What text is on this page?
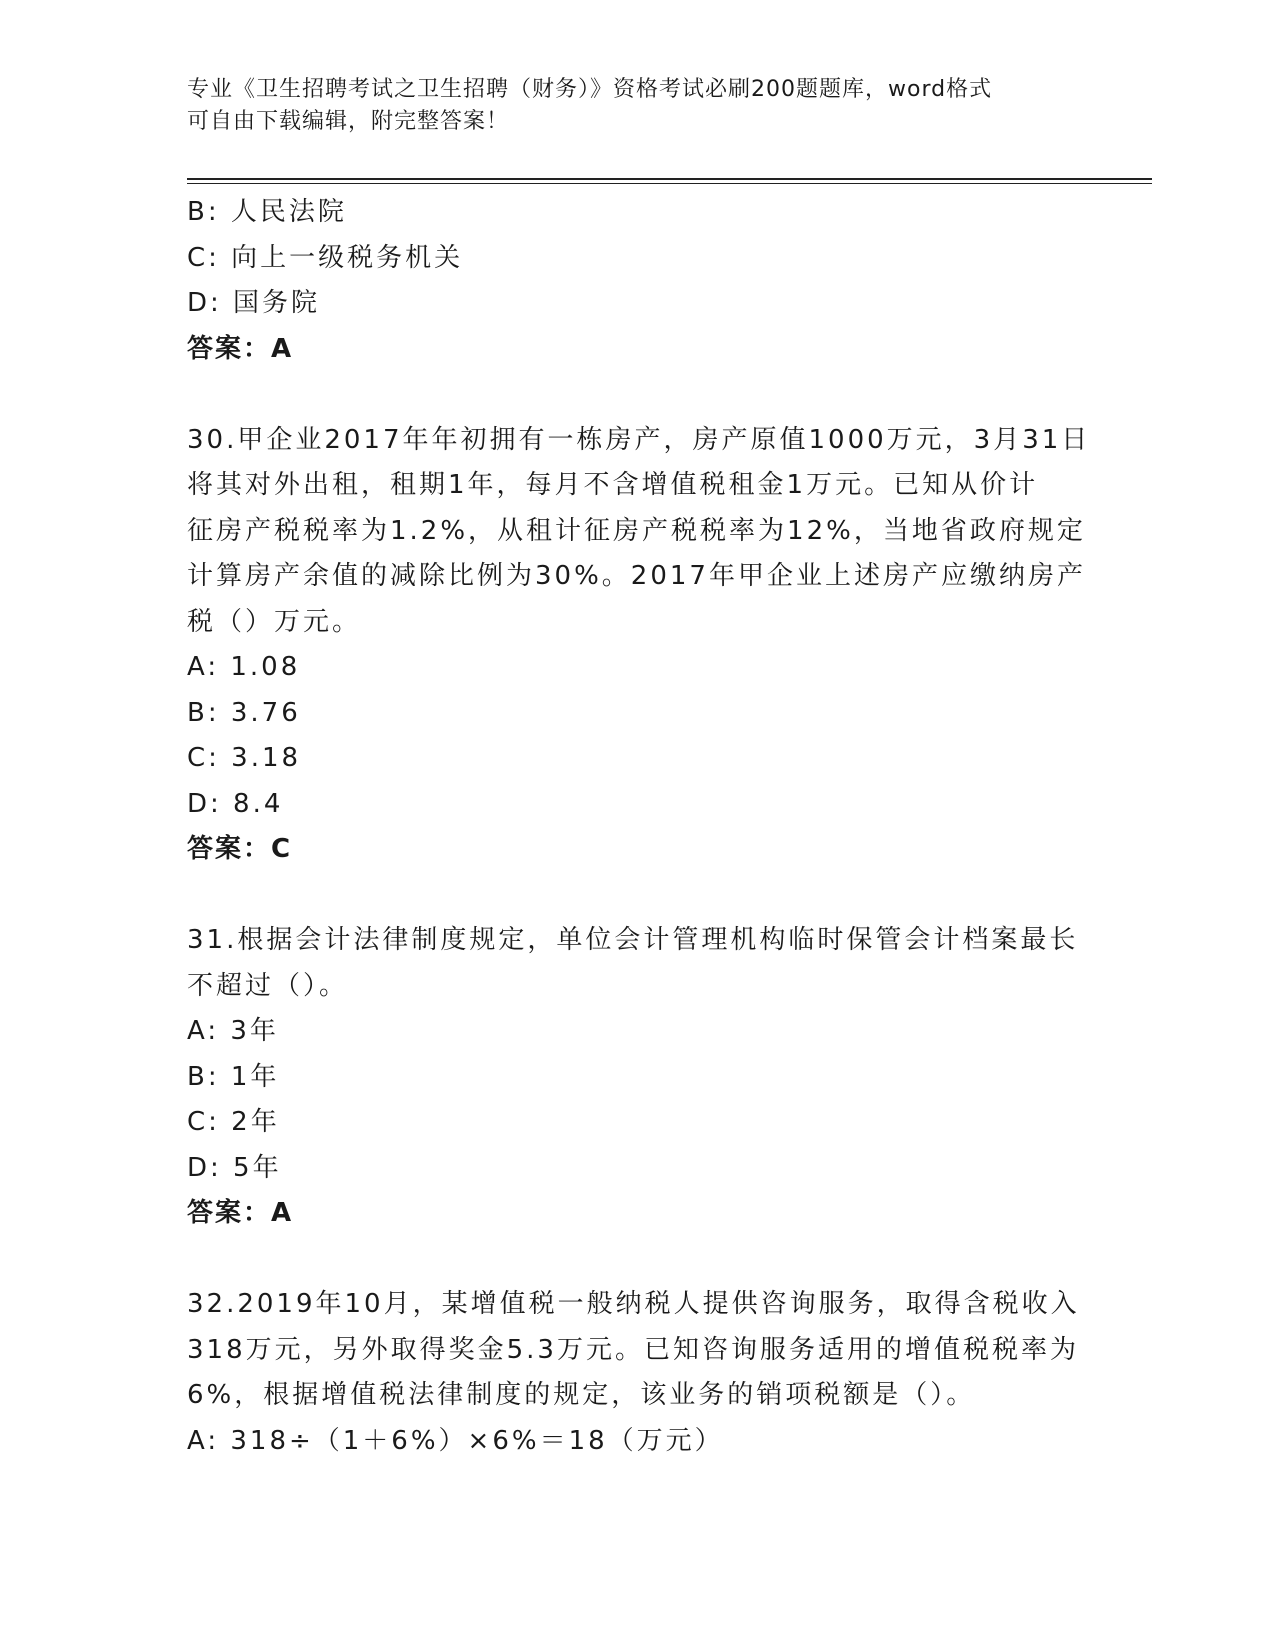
专业《卫生招聘考试之卫生招聘（财务）》资格考试必刷200题题库，word格式
可自由下载编辑，附完整答案！
B: 人民法院
C: 向上一级税务机关
D: 国务院
答案：A
30.甲企业2017年年初拥有一栋房产，房产原值1000万元，3月31日
将其对外出租，租期1年，每月不含增值税租金1万元。已知从价计
征房产税税率为1.2%，从租计征房产税税率为12%，当地省政府规定
计算房产余值的减除比例为30%。2017年甲企业上述房产应缴纳房产
税（）万元。
A: 1.08
B: 3.76
C: 3.18
D: 8.4
答案：C
31.根据会计法律制度规定，单位会计管理机构临时保管会计档案最长
不超过（）。
A: 3年
B: 1年
C: 2年
D: 5年
答案：A
32.2019年10月，某增值税一般纳税人提供咨询服务，取得含税收入
318万元，另外取得奖金5.3万元。已知咨询服务适用的增值税税率为
6%，根据增值税法律制度的规定，该业务的销项税额是（）。
A: 318÷（1＋6%）×6%＝18（万元）
